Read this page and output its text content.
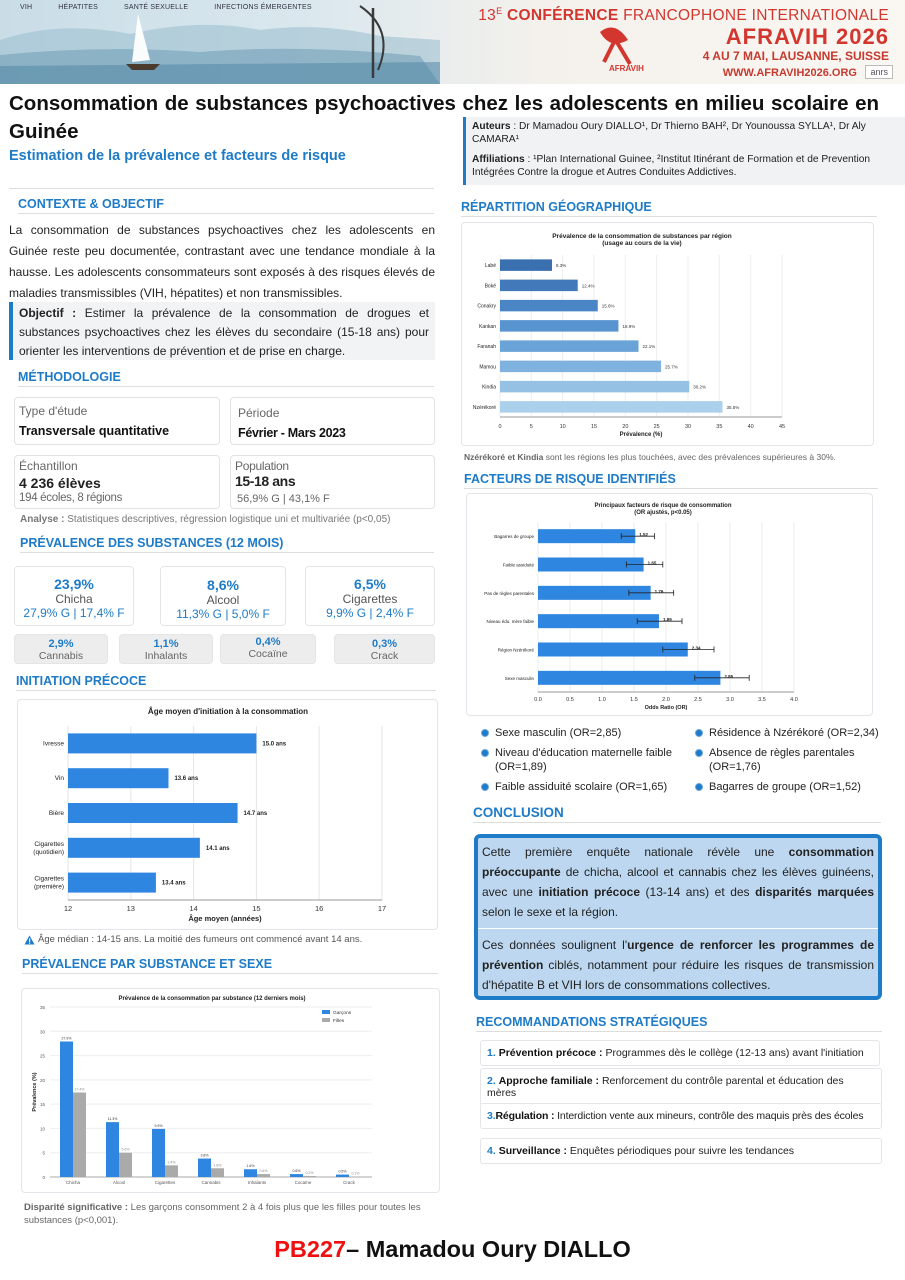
VIH	HÉPATITES	SANTÉ SEXUELLE	INFECTIONS ÉMERGENTES	$13^E$ CONFÉRENCE FRANCOPHONE INTERNATIONALE
AFRAVIH 2026
4 AU 7 MAI, LAUSANNE, SUISSE
WWW.AFRAVIH2026.ORG	anrs
AFRAVIH
Consommation de substances psychoactives chez les adolescents en milieu scolaire en Guinée
Estimation de la prévalence et facteurs de risque
Auteurs : Dr Mamadou Oury DIALLO¹, Dr Thierno BAH², Dr Younoussa SYLLA¹, Dr Aly CAMARA¹
Affiliations : ¹Plan International Guinee, ²Institut Itinérant de Formation et de Prevention Intégrées Contre la drogue et Autres Conduites Addictives.
CONTEXTE & OBJECTIF
La consommation de substances psychoactives chez les adolescents en Guinée reste peu documentée, contrastant avec une tendance mondiale à la hausse. Les adolescents consommateurs sont exposés à des risques élevés de maladies transmissibles (VIH, hépatites) et non transmissibles.
Objectif : Estimer la prévalence de la consommation de drogues et substances psychoactives chez les élèves du secondaire (15-18 ans) pour orienter les interventions de prévention et de prise en charge.
MÉTHODOLOGIE
Type d'étude
Transversale quantitative
Période
Février - Mars 2023
Échantillon
4 236 élèves
194 écoles, 8 régions
Population
15-18 ans
56,9% G | 43,1% F
Analyse : Statistiques descriptives, régression logistique uni et multivariée (p<0,05)
PRÉVALENCE DES SUBSTANCES (12 MOIS)
23,9%
Chicha
27,9% G | 17,4% F
8,6%
Alcool
11,3% G | 5,0% F
6,5%
Cigarettes
9,9% G | 2,4% F
2,9%
Cannabis
1,1%
Inhalants
0,4%
Cocaïne
0,3%
Crack
INITIATION PRÉCOCE
Âge moyen d'initiation à la consommation
12	13	14	15	16	17
15.0 ans
Ivresse
13.6 ans
Vin
14.7 ans
Bière
14.1 ans
Cigarettes
(quotidien)
13.4 ans
Cigarettes
(première)
Âge moyen (années)
Âge médian : 14-15 ans. La moitié des fumeurs ont commencé avant 14 ans.
PRÉVALENCE PAR SUBSTANCE ET SEXE
Prévalence de la consommation par substance (12 derniers mois)
0
5
10
15
20
25
30
35
Prévalence (%)
27.9%
17.4%
Chicha
11.3%
5.0%
Alcool
9.9%
2.4%
Cigarettes
3.8%
1.8%
Cannabis
1.6%
0.6%
Inhalants
0.6% 0.2%
Cocaïne
0.5% 0.1%
Crack
Garçons
Filles
Disparité significative : Les garçons consomment 2 à 4 fois plus que les filles pour toutes les substances (p<0,001).
RÉPARTITION GÉOGRAPHIQUE
Prévalence de la consommation de substances par région
(usage au cours de la vie)
0	5	10	15	20	25	30	35	40	45
Labé	8.3%
Boké	12.4%
Conakry	15.6%
Kankan	18.9%
Faranah	22.1%
Mamou	25.7%
Kindia	30.2%
Nzérékoré	35.5%
Prévalence (%)
Nzérékoré et Kindia sont les régions les plus touchées, avec des prévalences supérieures à 30%.
FACTEURS DE RISQUE IDENTIFIÉS
Principaux facteurs de risque de consommation
(OR ajustés, p<0.05)
0.0	0.5	1.0	1.5	2.0	2.5	3.0	3.5	4.0
1.52
Bagarres de groupe
1.65
Faible assiduité
1.76
Pas de règles parentales
1.89
Niveau édu. mère faible
2.34
Région Nzérékoré
2.85
Sexe masculin
Odds Ratio (OR)
Sexe masculin (OR=2,85)
Niveau d'éducation maternelle faible (OR=1,89)
Faible assiduité scolaire (OR=1,65)
Résidence à Nzérékoré (OR=2,34)
Absence de règles parentales (OR=1,76)
Bagarres de groupe (OR=1,52)
CONCLUSION

Cette première enquête nationale révèle une consommation préoccupante de chicha, alcool et cannabis chez les élèves guinéens, avec une initiation précoce (13-14 ans) et des disparités marquées selon le sexe et la région.

Ces données soulignent l'urgence de renforcer les programmes de prévention ciblés, notamment pour réduire les risques de transmission d'hépatite B et VIH lors de consommations collectives.

RECOMMANDATIONS STRATÉGIQUES
1. Prévention précoce : Programmes dès le collège (12-13 ans) avant l'initiation
2. Approche familiale : Renforcement du contrôle parental et éducation des mères
3.Régulation : Interdiction vente aux mineurs, contrôle des maquis près des écoles
4. Surveillance : Enquêtes périodiques pour suivre les tendances
PB227– Mamadou Oury DIALLO
